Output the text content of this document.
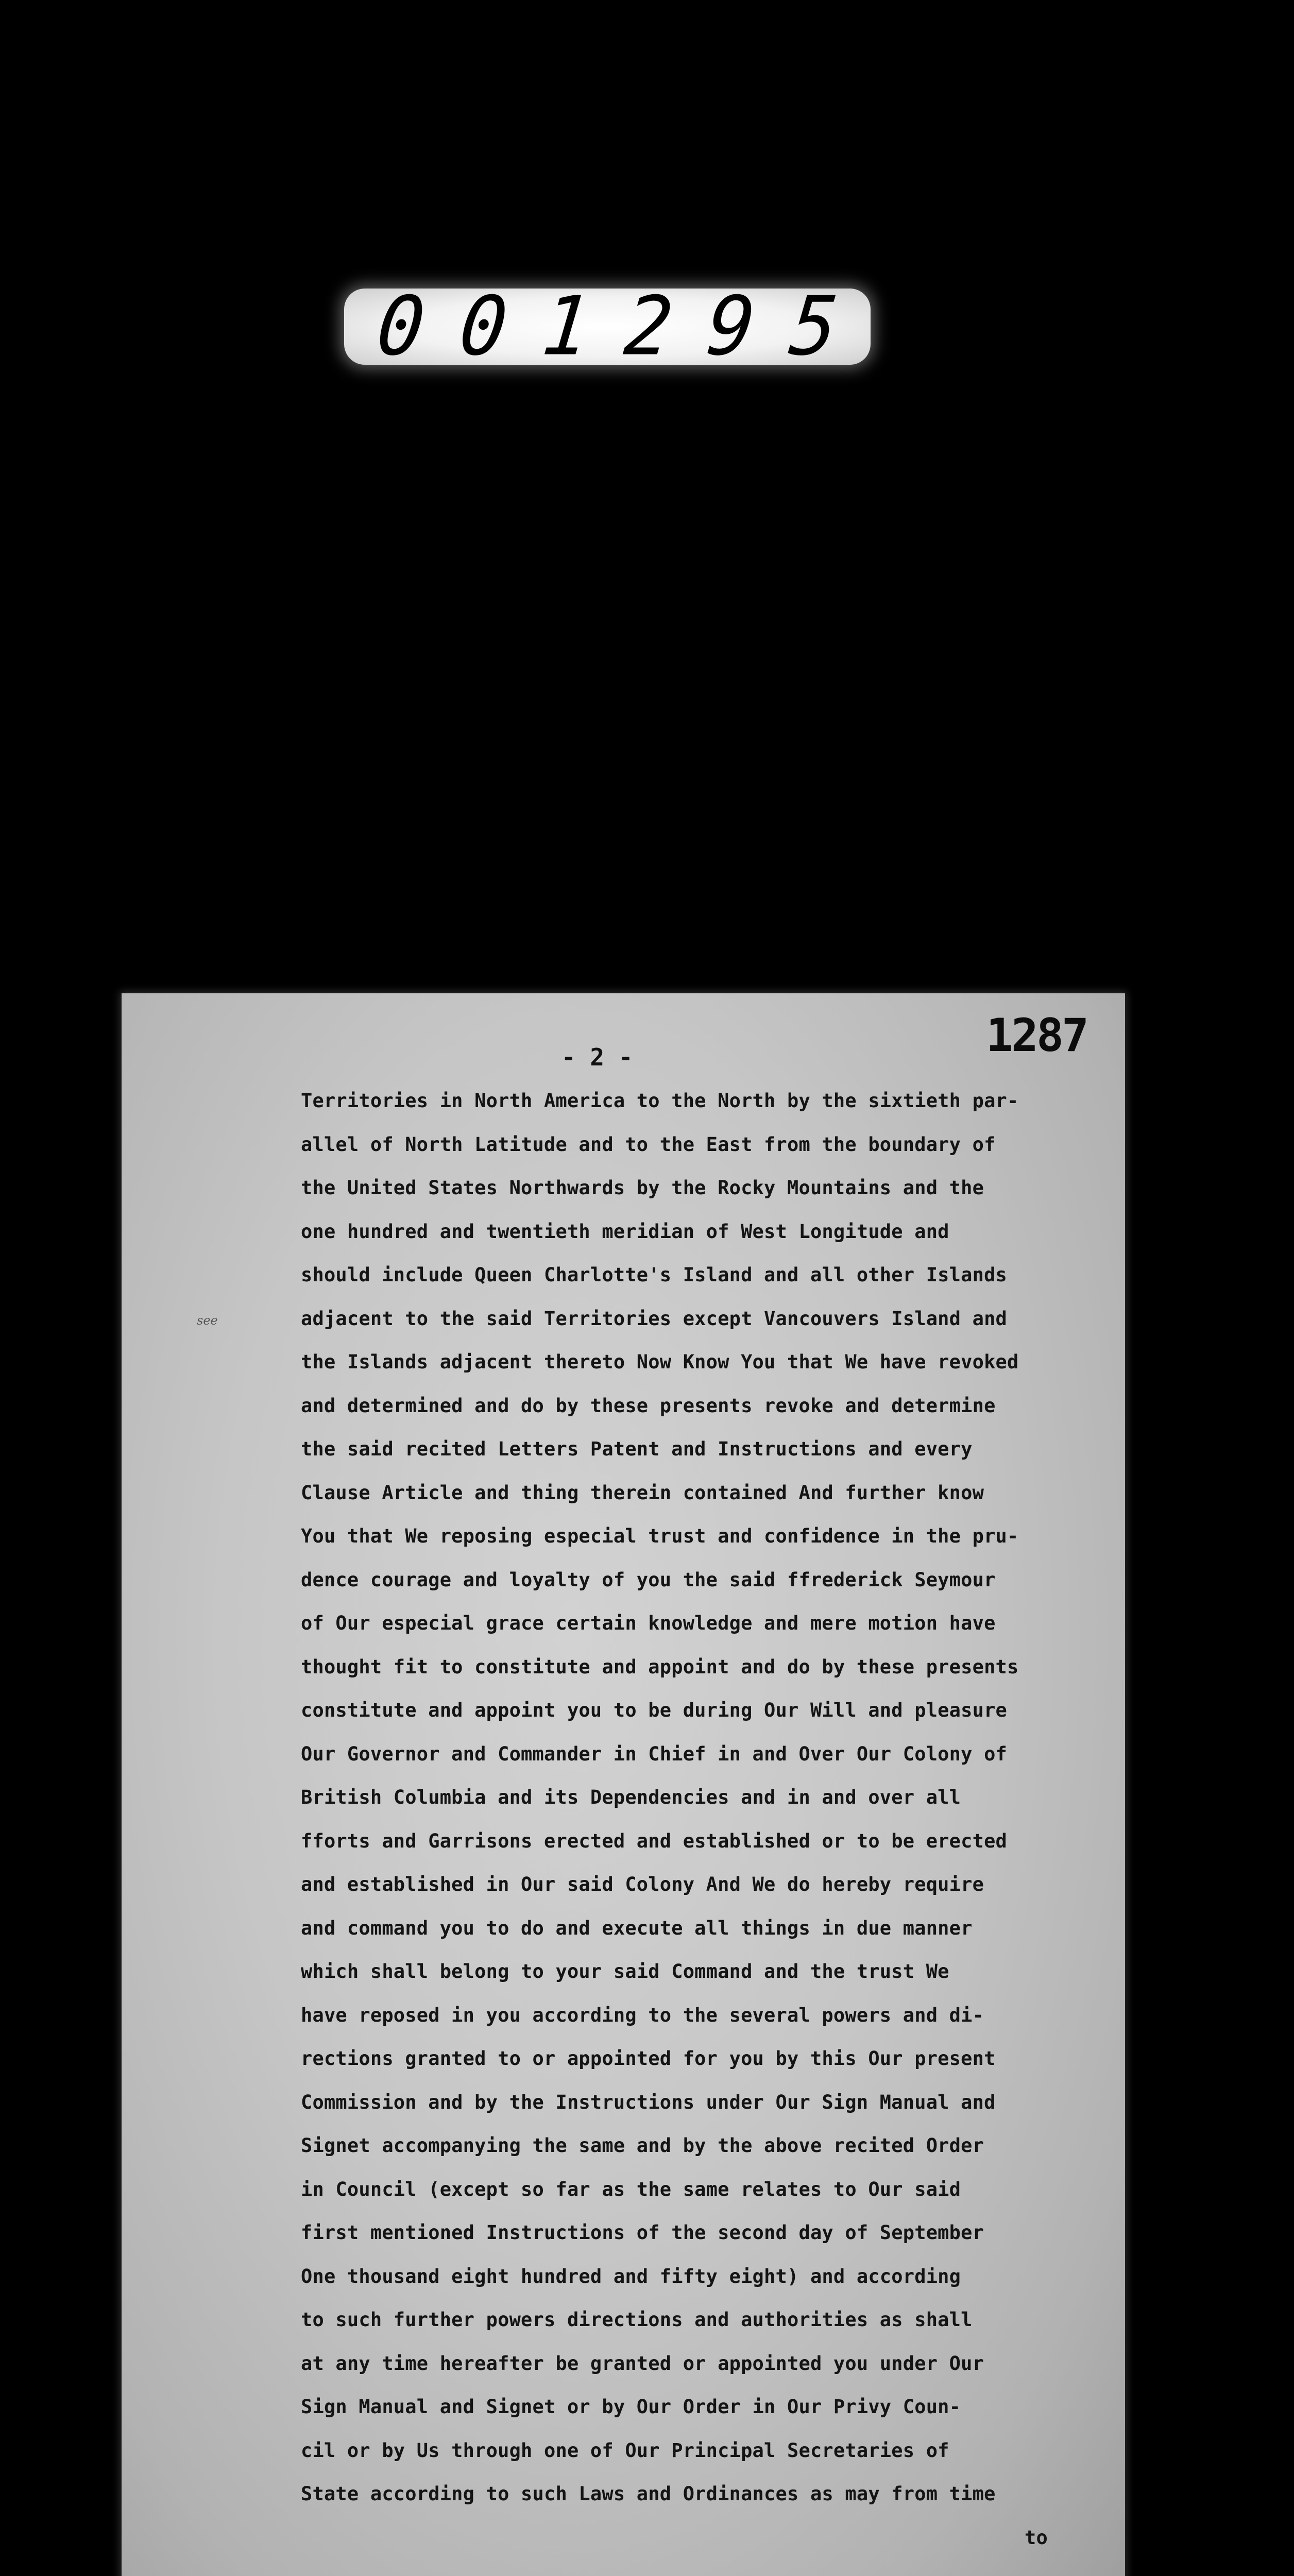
001295
- 2 -	1287
see
Territories in North America to the North by the sixtieth par-
allel of North Latitude and to the East from the boundary of
the United States Northwards by the Rocky Mountains and the
one hundred and twentieth meridian of West Longitude and
should include Queen Charlotte's Island and all other Islands
adjacent to the said Territories except Vancouvers Island and
the Islands adjacent thereto Now Know You that We have revoked
and determined and do by these presents revoke and determine
the said recited Letters Patent and Instructions and every
Clause Article and thing therein contained And further know
You that We reposing especial trust and confidence in the pru-
dence courage and loyalty of you the said ffrederick Seymour
of Our especial grace certain knowledge and mere motion have
thought fit to constitute and appoint and do by these presents
constitute and appoint you to be during Our Will and pleasure
Our Governor and Commander in Chief in and Over Our Colony of
British Columbia and its Dependencies and in and over all
fforts and Garrisons erected and established or to be erected
and established in Our said Colony And We do hereby require
and command you to do and execute all things in due manner
which shall belong to your said Command and the trust We
have reposed in you according to the several powers and di-
rections granted to or appointed for you by this Our present
Commission and by the Instructions under Our Sign Manual and
Signet accompanying the same and by the above recited Order
in Council (except so far as the same relates to Our said
first mentioned Instructions of the second day of September
One thousand eight hundred and fifty eight) and according
to such further powers directions and authorities as shall
at any time hereafter be granted or appointed you under Our
Sign Manual and Signet or by Our Order in Our Privy Coun-
cil or by Us through one of Our Principal Secretaries of
State according to such Laws and Ordinances as may from time
to
